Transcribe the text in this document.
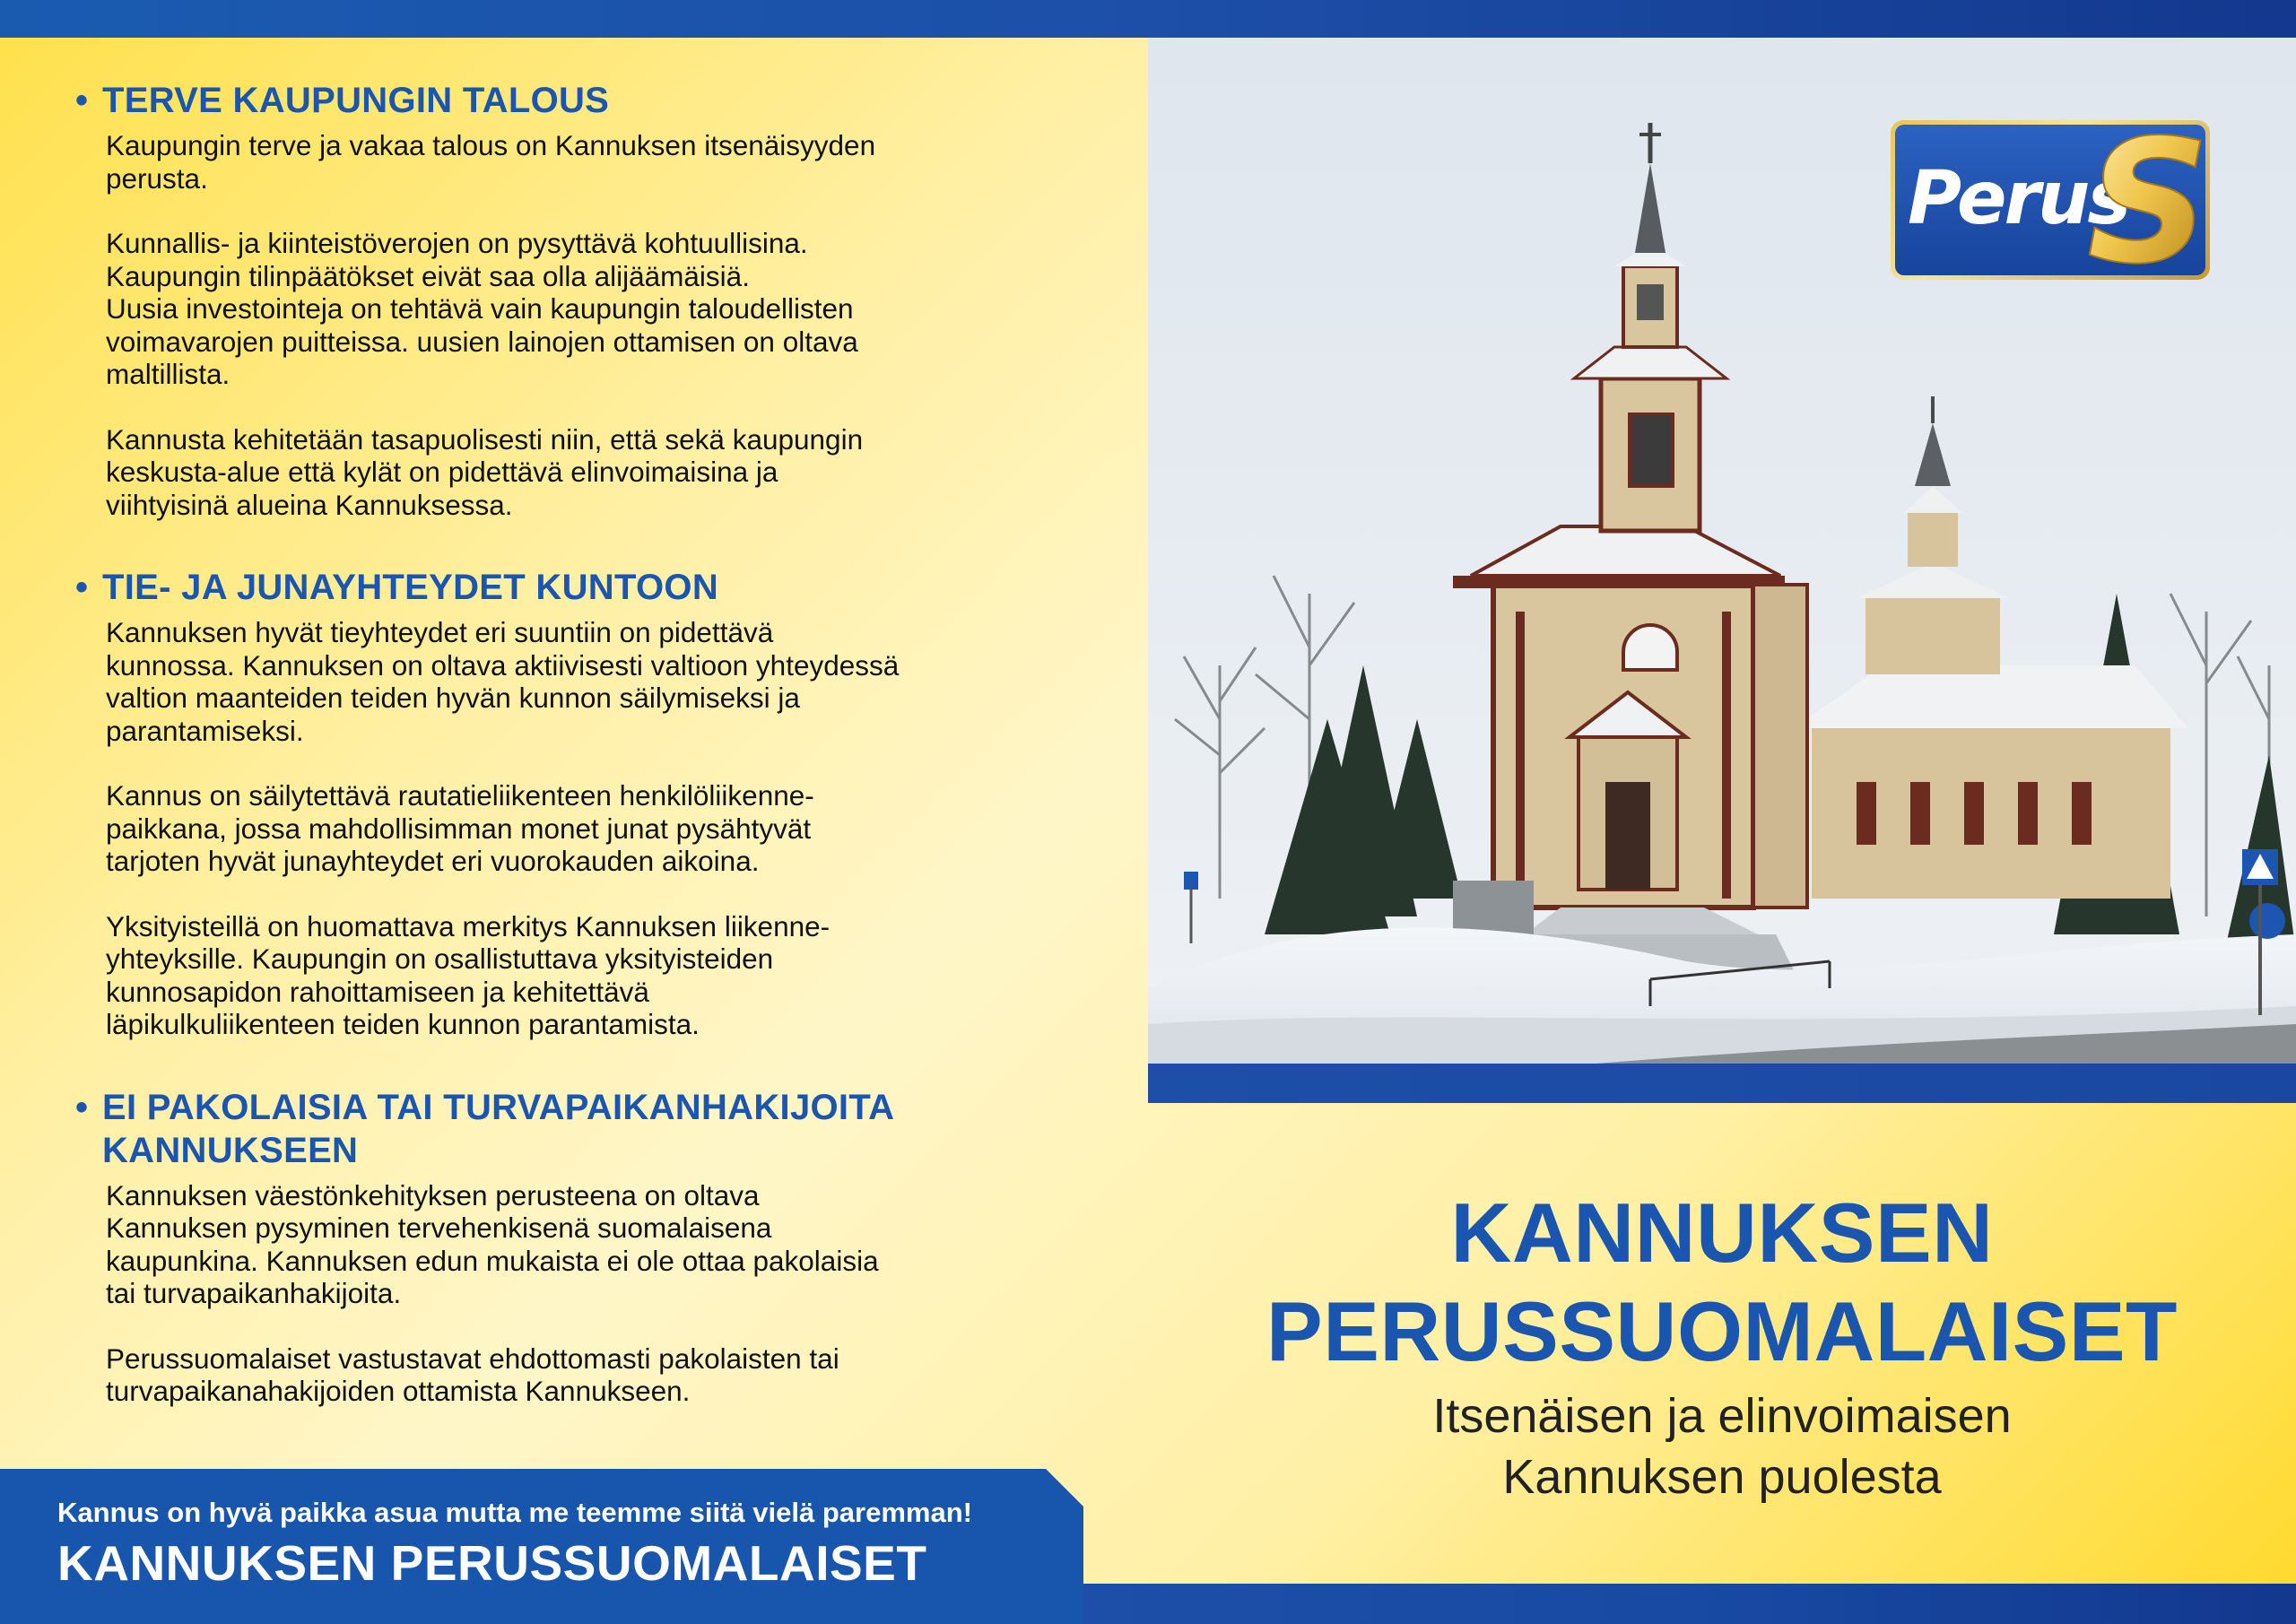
• TERVE KAUPUNGIN TALOUS

Kaupungin terve ja vakaa talous on Kannuksen itsenäisyyden
perusta.

Kunnallis- ja kiinteistöverojen on pysyttävä kohtuullisina.
Kaupungin tilinpäätökset eivät saa olla alijäämäisiä.
Uusia investointeja on tehtävä vain kaupungin taloudellisten
voimavarojen puitteissa. uusien lainojen ottamisen on oltava
maltillista.

Kannusta kehitetään tasapuolisesti niin, että sekä kaupungin
keskusta-alue että kylät on pidettävä elinvoimaisina ja
viihtyisinä alueina Kannuksessa.

• TIE- JA JUNAYHTEYDET KUNTOON

Kannuksen hyvät tieyhteydet eri suuntiin on pidettävä
kunnossa. Kannuksen on oltava aktiivisesti valtioon yhteydessä
valtion maanteiden teiden hyvän kunnon säilymiseksi ja
parantamiseksi.

Kannus on säilytettävä rautatieliikenteen henkilöliikenne-
paikkana, jossa mahdollisimman monet junat pysähtyvät
tarjoten hyvät junayhteydet eri vuorokauden aikoina.

Yksityisteillä on huomattava merkitys Kannuksen liikenne-
yhteyksille. Kaupungin on osallistuttava yksityisteiden
kunnosapidon rahoittamiseen ja kehitettävä
läpikulkuliikenteen teiden kunnon parantamista.

• EI PAKOLAISIA TAI TURVAPAIKANHAKIJOITA KANNUKSEEN

Kannuksen väestönkehityksen perusteena on oltava
Kannuksen pysyminen tervehenkisenä suomalaisena
kaupunkina. Kannuksen edun mukaista ei ole ottaa pakolaisia
tai turvapaikanhakijoita.

Perussuomalaiset vastustavat ehdottomasti pakolaisten tai
turvapaikanahakijoiden ottamista Kannukseen.

Perus
S
KANNUKSEN
PERUSSUOMALAISET
Itsenäisen ja elinvoimaisen
Kannuksen puolesta
Kannus on hyvä paikka asua mutta me teemme siitä vielä paremman!
KANNUKSEN PERUSSUOMALAISET
